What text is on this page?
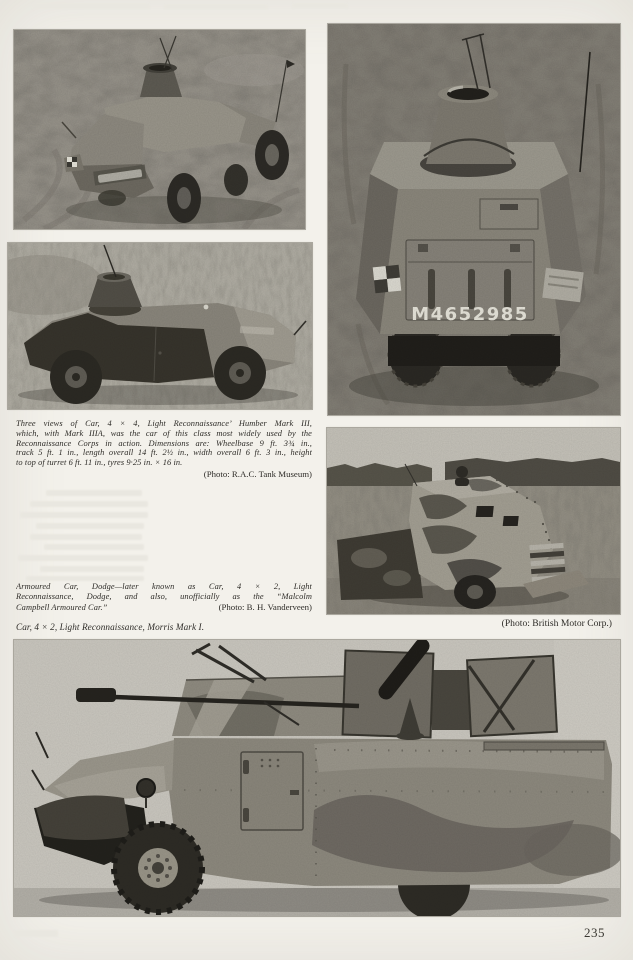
M4652985
Three views of Car, 4 × 4, Light Reconnaissance’ Humber Mark III,
which, with Mark IIIA, was the car of this class most widely used by the
Reconnaissance Corps in action. Dimensions are: Wheelbase 9 ft. 3¾ in.,
track 5 ft. 1 in., length overall 14 ft. 2½ in., width overall 6 ft. 3 in., height
to top of turret 6 ft. 11 in., tyres 9·25 in. × 16 in.
(Photo: R.A.C. Tank Museum)
Armoured Car, Dodge—later known as Car, 4 × 2, Light
Reconnaissance, Dodge, and also, unofficially as the “Malcolm
Campbell Armoured Car.”	(Photo: B. H. Vanderveen)
Car, 4 × 2, Light Reconnaissance, Morris Mark I.	(Photo: British Motor Corp.)
235
